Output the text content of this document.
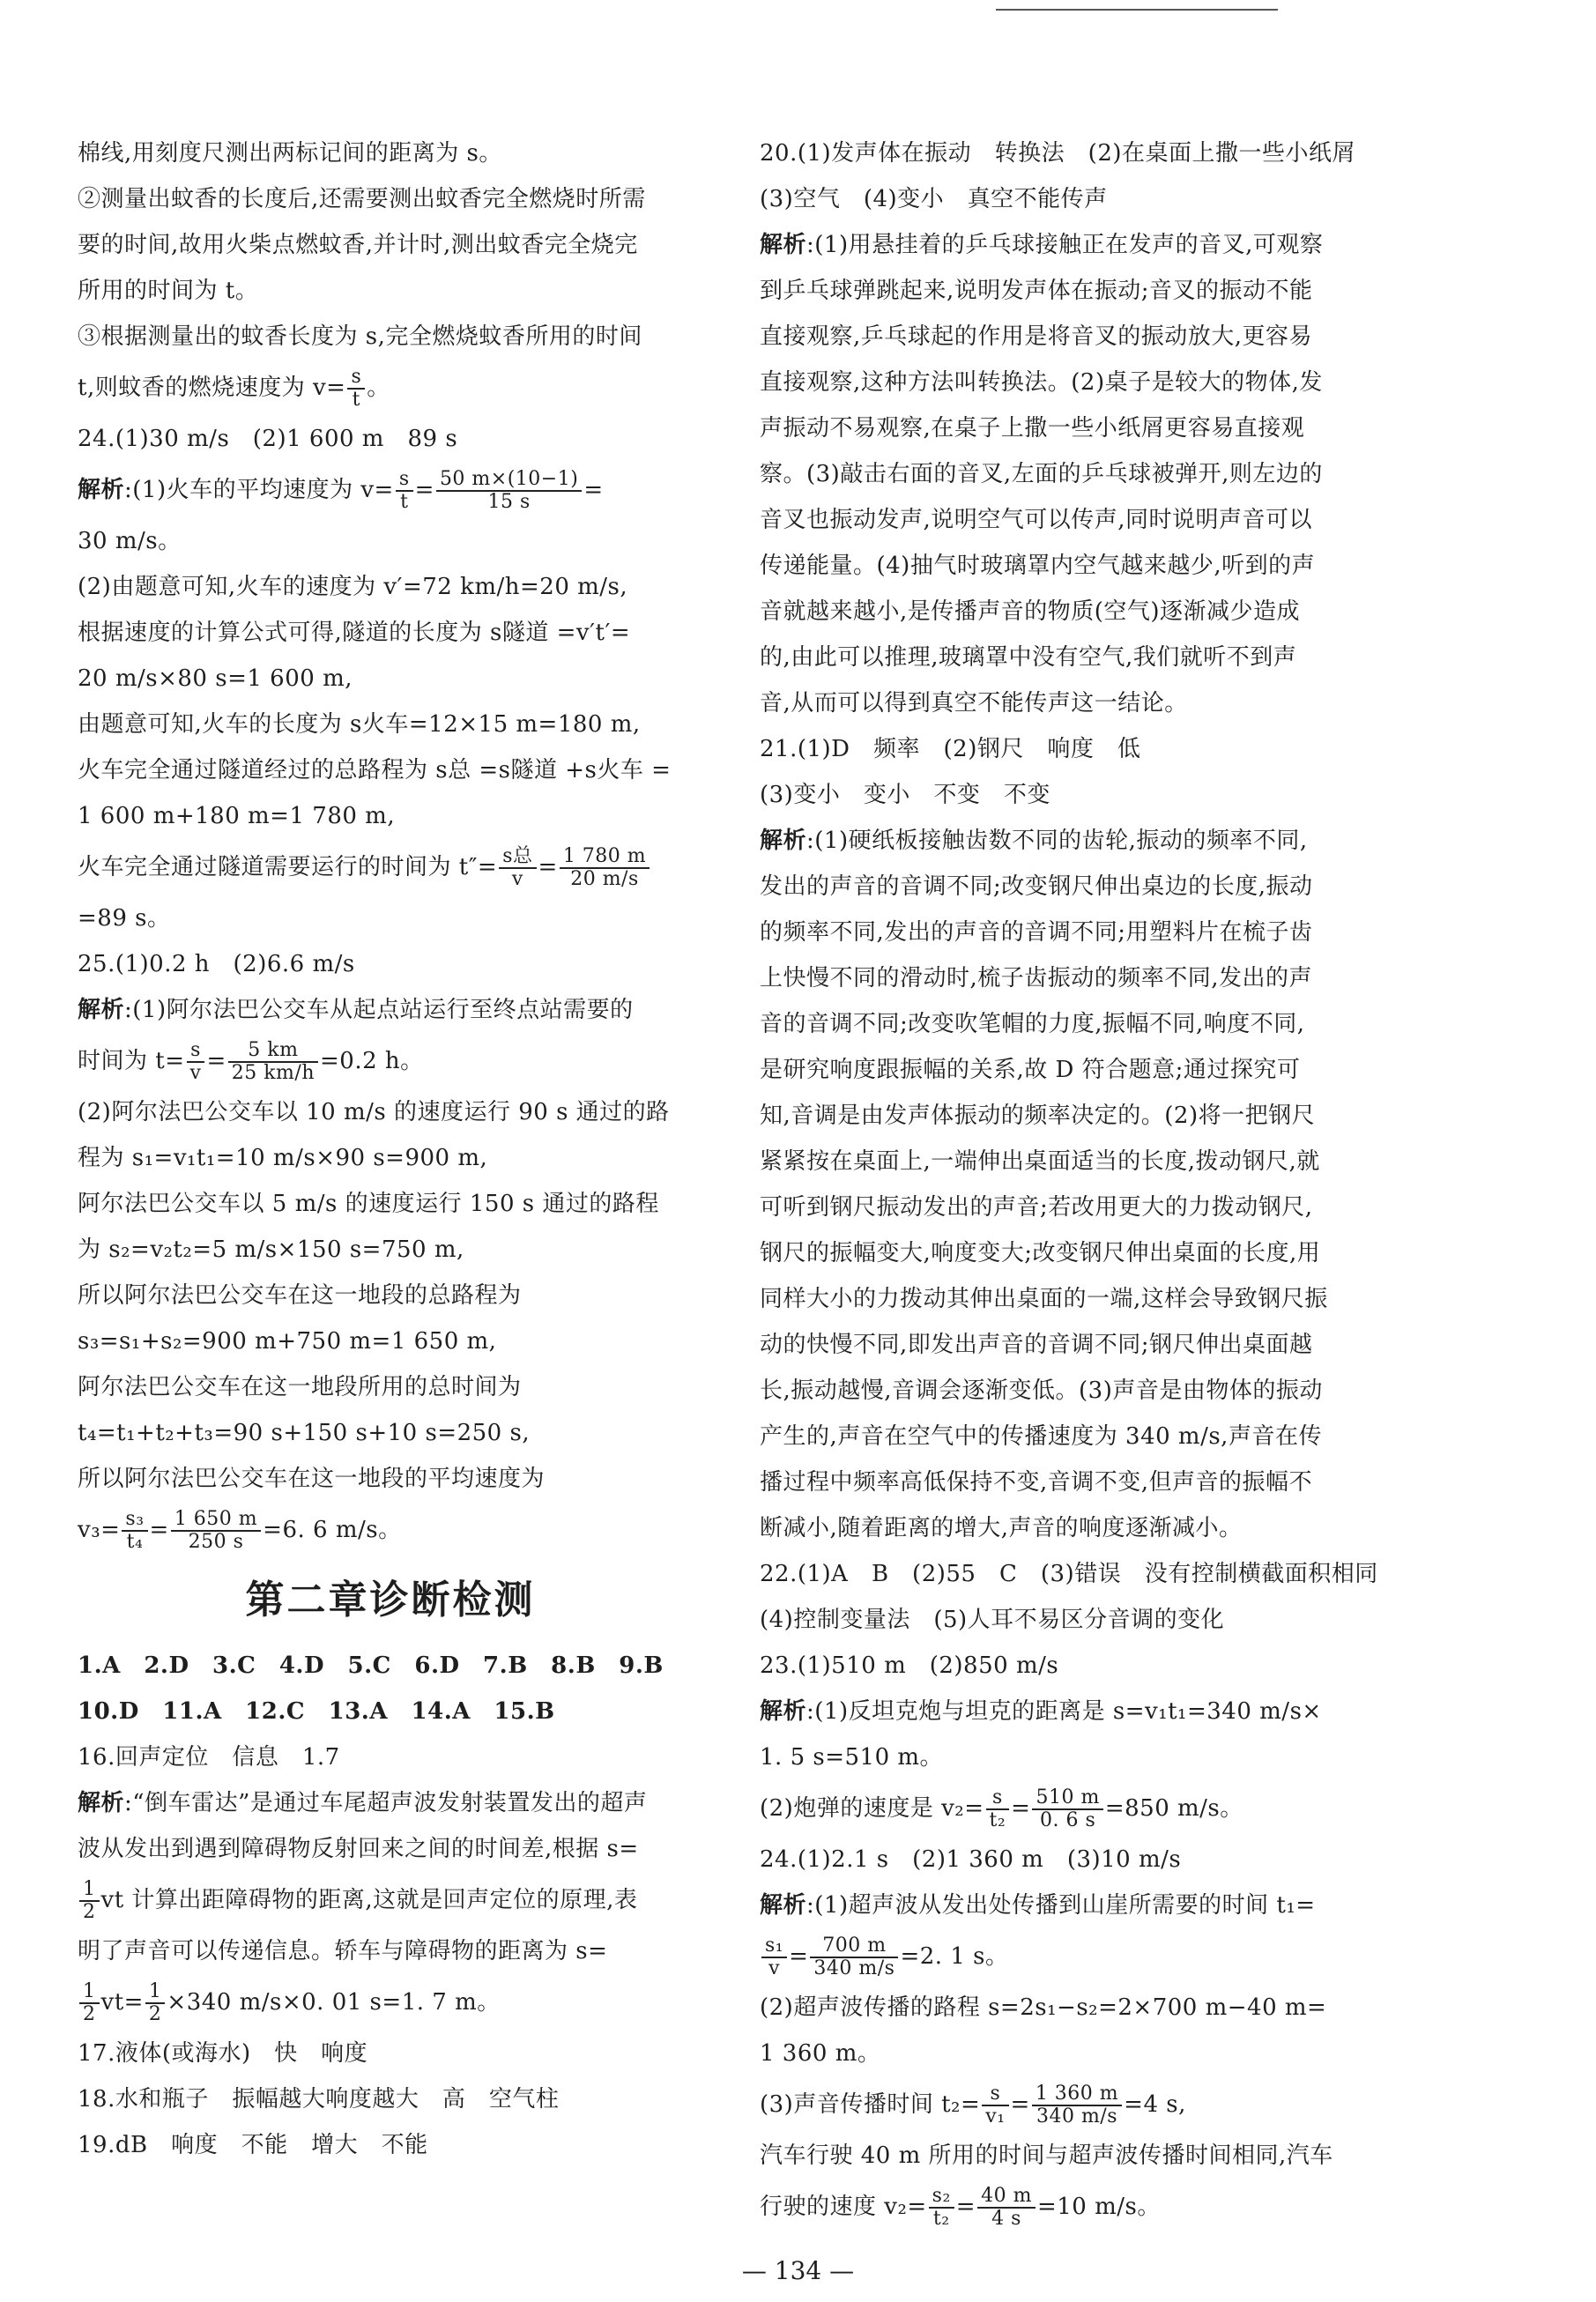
棉线,用刻度尺测出两标记间的距离为 s。
②测量出蚊香的长度后,还需要测出蚊香完全燃烧时所需
要的时间,故用火柴点燃蚊香,并计时,测出蚊香完全烧完
所用的时间为 t。
③根据测量出的蚊香长度为 s,完全燃烧蚊香所用的时间
t,则蚊香的燃烧速度为 $v= \frac{s}{t}$ 。
24.(1)30 m/s　(2)1 600 m　89 s
解析:(1)火车的平均速度为 $v= \frac{s}{t} = \frac{50 m\times(10-1)}{15 s}$ =
30 m/s。
(2)由题意可知,火车的速度为 v′=72 km/h=20 m/s,
根据速度的计算公式可得,隧道的长度为 s隧道 =v′t′=
20 m/s×80 s=1 600 m,
由题意可知,火车的长度为 s火车=12×15 m=180 m,
火车完全通过隧道经过的总路程为 s总 =s隧道 +s火车 =
1 600 m+180 m=1 780 m,
火车完全通过隧道需要运行的时间为 $t''= \frac{\text{s总}}{v} = \frac{1 780 m}{20 m/s}$
=89 s。
25.(1)0.2 h　(2)6.6 m/s
解析:(1)阿尔法巴公交车从起点站运行至终点站需要的
时间为 $t= \frac{s}{v} = \frac{5 km}{25 km/h} =0.2$ h。
(2)阿尔法巴公交车以 10 m/s 的速度运行 90 s 通过的路
程为 s₁=v₁t₁=10 m/s×90 s=900 m,
阿尔法巴公交车以 5 m/s 的速度运行 150 s 通过的路程
为 s₂=v₂t₂=5 m/s×150 s=750 m,
所以阿尔法巴公交车在这一地段的总路程为
s₃=s₁+s₂=900 m+750 m=1 650 m,
阿尔法巴公交车在这一地段所用的总时间为
t₄=t₁+t₂+t₃=90 s+150 s+10 s=250 s,
所以阿尔法巴公交车在这一地段的平均速度为
$v_3= \frac{\text{s₃}}{\text{t₄}} = \frac{1 650 m}{250 s} =6$. 6 m/s。
第二章诊断检测
1.A　2.D　3.C　4.D　5.C　6.D　7.B　8.B　9.B
10.D　11.A　12.C　13.A　14.A　15.B
16.回声定位　信息　1.7
解析:“倒车雷达”是通过车尾超声波发射装置发出的超声
波从发出到遇到障碍物反射回来之间的时间差,根据 s=
$\frac{1}{2}$ vt 计算出距障碍物的距离,这就是回声定位的原理,表
明了声音可以传递信息。轿车与障碍物的距离为 s=
$\frac{1}{2} vt= \frac{1}{2} \times 340$ m/s×0. 01 s=1. 7 m。
17.液体(或海水)　快　响度
18.水和瓶子　振幅越大响度越大　高　空气柱
19.dB　响度　不能　增大　不能
20.(1)发声体在振动　转换法　(2)在桌面上撒一些小纸屑
(3)空气　(4)变小　真空不能传声
解析:(1)用悬挂着的乒乓球接触正在发声的音叉,可观察
到乒乓球弹跳起来,说明发声体在振动;音叉的振动不能
直接观察,乒乓球起的作用是将音叉的振动放大,更容易
直接观察,这种方法叫转换法。(2)桌子是较大的物体,发
声振动不易观察,在桌子上撒一些小纸屑更容易直接观
察。(3)敲击右面的音叉,左面的乒乓球被弹开,则左边的
音叉也振动发声,说明空气可以传声,同时说明声音可以
传递能量。(4)抽气时玻璃罩内空气越来越少,听到的声
音就越来越小,是传播声音的物质(空气)逐渐减少造成
的,由此可以推理,玻璃罩中没有空气,我们就听不到声
音,从而可以得到真空不能传声这一结论。
21.(1)D　频率　(2)钢尺　响度　低
(3)变小　变小　不变　不变
解析:(1)硬纸板接触齿数不同的齿轮,振动的频率不同,
发出的声音的音调不同;改变钢尺伸出桌边的长度,振动
的频率不同,发出的声音的音调不同;用塑料片在梳子齿
上快慢不同的滑动时,梳子齿振动的频率不同,发出的声
音的音调不同;改变吹笔帽的力度,振幅不同,响度不同,
是研究响度跟振幅的关系,故 D 符合题意;通过探究可
知,音调是由发声体振动的频率决定的。(2)将一把钢尺
紧紧按在桌面上,一端伸出桌面适当的长度,拨动钢尺,就
可听到钢尺振动发出的声音;若改用更大的力拨动钢尺,
钢尺的振幅变大,响度变大;改变钢尺伸出桌面的长度,用
同样大小的力拨动其伸出桌面的一端,这样会导致钢尺振
动的快慢不同,即发出声音的音调不同;钢尺伸出桌面越
长,振动越慢,音调会逐渐变低。(3)声音是由物体的振动
产生的,声音在空气中的传播速度为 340 m/s,声音在传
播过程中频率高低保持不变,音调不变,但声音的振幅不
断减小,随着距离的增大,声音的响度逐渐减小。
22.(1)A　B　(2)55　C　(3)错误　没有控制横截面积相同
(4)控制变量法　(5)人耳不易区分音调的变化
23.(1)510 m　(2)850 m/s
解析:(1)反坦克炮与坦克的距离是 s=v₁t₁=340 m/s×
1. 5 s=510 m。
(2)炮弹的速度是 $v_2= \frac{s}{\text{t₂}} = \frac{510 m}{0. 6 s} =850$ m/s。
24.(1)2.1 s　(2)1 360 m　(3)10 m/s
解析:(1)超声波从发出处传播到山崖所需要的时间 t₁=
$\frac{\text{s₁}}{v} = \frac{700 m}{340 m/s} =2$. 1 s。
(2)超声波传播的路程 s=2s₁−s₂=2×700 m−40 m=
1 360 m。
(3)声音传播时间 $t_2= \frac{s}{\text{v₁}} = \frac{1 360 m}{340 m/s} =4$ s,
汽车行驶 40 m 所用的时间与超声波传播时间相同,汽车
行驶的速度 $v_2= \frac{\text{s₂}}{\text{t₂}} = \frac{40 m}{4 s} =10$ m/s。
— 134 —
